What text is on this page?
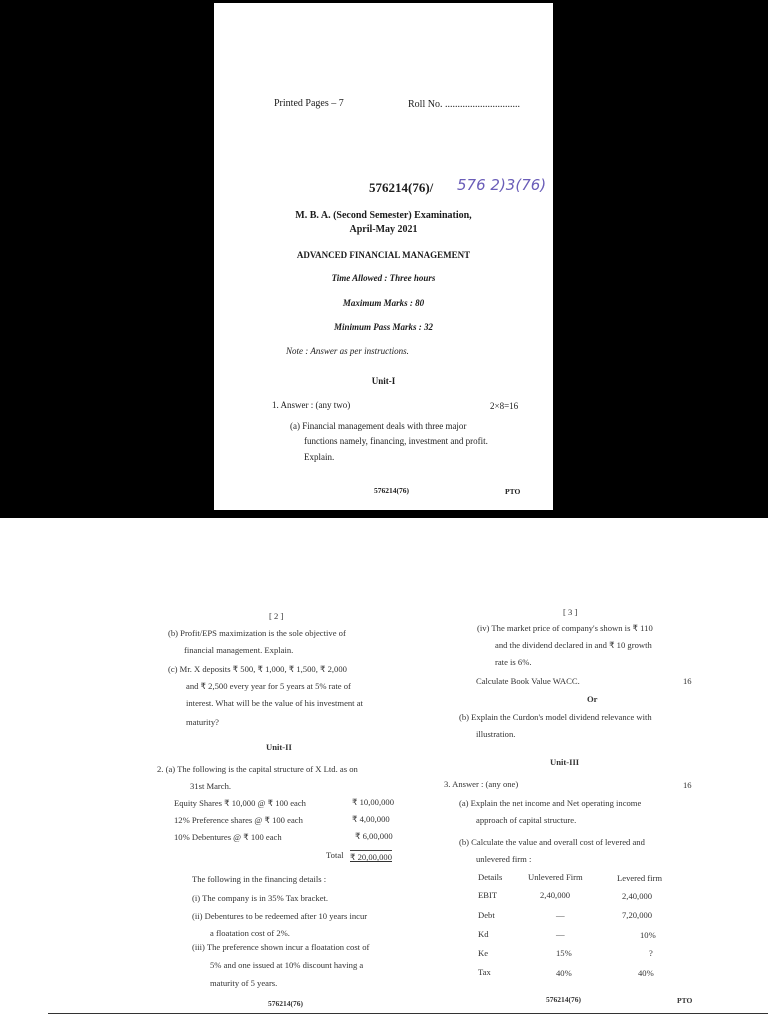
Printed Pages – 7	Roll No. ..............................
576214(76)/ 576 2)3(76)
M. B. A. (Second Semester) Examination,
April-May 2021
ADVANCED FINANCIAL MANAGEMENT
Time Allowed : Three hours
Maximum Marks : 80
Minimum Pass Marks : 32
Note : Answer as per instructions.
Unit-I
1. Answer : (any two)	2×8=16
(a) Financial management deals with three major
functions namely, financing, investment and profit.
Explain.
576214(76)	PTO
[ 2 ]
(b) Profit/EPS maximization is the sole objective of
financial management. Explain.
(c) Mr. X deposits ₹ 500, ₹ 1,000, ₹ 1,500, ₹ 2,000
and ₹ 2,500 every year for 5 years at 5% rate of
interest. What will be the value of his investment at
maturity?
Unit-II
2. (a) The following is the capital structure of X Ltd. as on
31st March.
Equity Shares ₹ 10,000 @ ₹ 100 each	₹ 10,00,000
12% Preference shares @ ₹ 100 each	₹ 4,00,000
10% Debentures @ ₹ 100 each	₹ 6,00,000
Total ₹ 20,00,000
The following in the financing details :
(i) The company is in 35% Tax bracket.
(ii) Debentures to be redeemed after 10 years incur
a floatation cost of 2%.
(iii) The preference shown incur a floatation cost of
5% and one issued at 10% discount having a
maturity of 5 years.
576214(76)
[ 3 ]
(iv) The market price of company's shown is ₹ 110
and the dividend declared in and ₹ 10 growth
rate is 6%.
Calculate Book Value WACC.	16
Or
(b) Explain the Curdon's model dividend relevance with
illustration.
Unit-III
3. Answer : (any one)	16
(a) Explain the net income and Net operating income
approach of capital structure.
(b) Calculate the value and overall cost of levered and
unlevered firm :
Details	Unlevered Firm	Levered firm
EBIT	2,40,000	2,40,000
Debt	—	7,20,000
Kd	—	10%
Ke	15%	?
Tax	40%	40%
576214(76)	PTO
